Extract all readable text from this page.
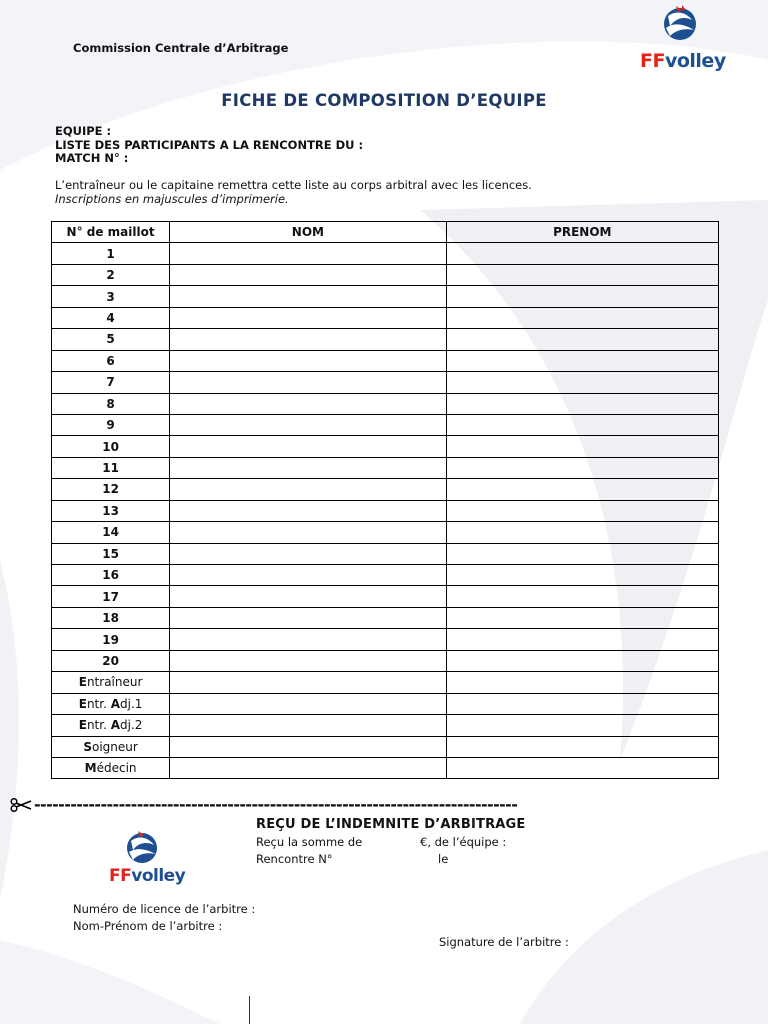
Commission Centrale d’Arbitrage
FFvolley
FICHE DE COMPOSITION D’EQUIPE
EQUIPE :
LISTE DES PARTICIPANTS A LA RENCONTRE DU :
MATCH N° :
L’entraîneur ou le capitaine remettra cette liste au corps arbitral avec les licences.
Inscriptions en majuscules d’imprimerie.
N° de maillot	NOM	PRENOM
1		
2		
3		
4		
5		
6		
7		
8		
9		
10		
11		
12		
13		
14		
15		
16		
17		
18		
19		
20		
Entraîneur		
Entr. Adj.1		
Entr. Adj.2		
Soigneur		
Médecin		
--------------------------------------------------------------------------------
FFvolley
REÇU DE L’INDEMNITE D’ARBITRAGE
Reçu la somme de	€, de l’équipe :
Rencontre N°	le
Numéro de licence de l’arbitre :
Nom-Prénom de l’arbitre :
Signature de l’arbitre :
